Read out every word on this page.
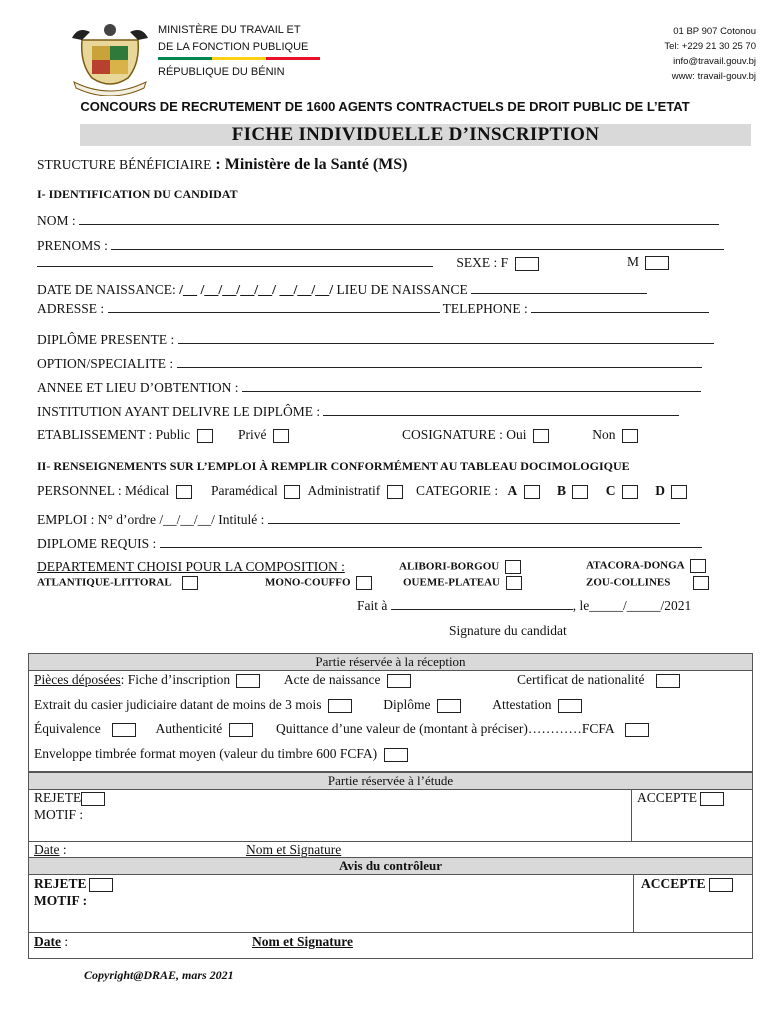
MINISTÈRE DU TRAVAIL ET
DE LA FONCTION PUBLIQUE
RÉPUBLIQUE DU BÉNIN
01 BP 907 Cotonou
Tel: +229 21 30 25 70
info@travail.gouv.bj
www: travail-gouv.bj
CONCOURS DE RECRUTEMENT DE 1600 AGENTS CONTRACTUELS DE DROIT PUBLIC DE L’ETAT
FICHE INDIVIDUELLE D’INSCRIPTION
STRUCTURE BÉNÉFICIAIRE : Ministère de la Santé (MS)
I- IDENTIFICATION DU CANDIDAT
NOM :
PRENOMS :
SEXE : F	M
DATE DE NAISSANCE: /__ /__/__/__/__/ __/__/__/ LIEU DE NAISSANCE
ADRESSE :	TELEPHONE :
DIPLÔME PRESENTE :
OPTION/SPECIALITE :
ANNEE ET LIEU D’OBTENTION :
INSTITUTION AYANT DELIVRE LE DIPLÔME :
ETABLISSEMENT : Public	Privé	COSIGNATURE : Oui	Non
II- RENSEIGNEMENTS SUR L’EMPLOI À REMPLIR CONFORMÉMENT AU TABLEAU DOCIMOLOGIQUE
PERSONNEL : Médical	Paramédical Administratif	CATEGORIE : A	B	C	D
EMPLOI : N° d’ordre /__/__/__/ Intitulé :
DIPLOME REQUIS :
DEPARTEMENT CHOISI POUR LA COMPOSITION :	ALIBORI-BORGOU	ATACORA-DONGA
ATLANTIQUE-LITTORAL	MONO-COUFFO	OUEME-PLATEAU	ZOU-COLLINES
Fait à	, le_____/_____/2021
Signature du candidat
Partie réservée à la réception
Pièces déposées: Fiche d’inscription	Acte de naissance	Certificat de nationalité
Extrait du casier judiciaire datant de moins de 3 mois	Diplôme	Attestation
Équivalence	Authenticité	Quittance d’une valeur de (montant à préciser)…………FCFA
Enveloppe timbrée format moyen (valeur du timbre 600 FCFA)
Partie réservée à l’étude
REJETE
MOTIF :
ACCEPTE
Date :	Nom et Signature
Avis du contrôleur
REJETE
MOTIF :
ACCEPTE
Date :	Nom et Signature
Copyright@DRAE, mars 2021
